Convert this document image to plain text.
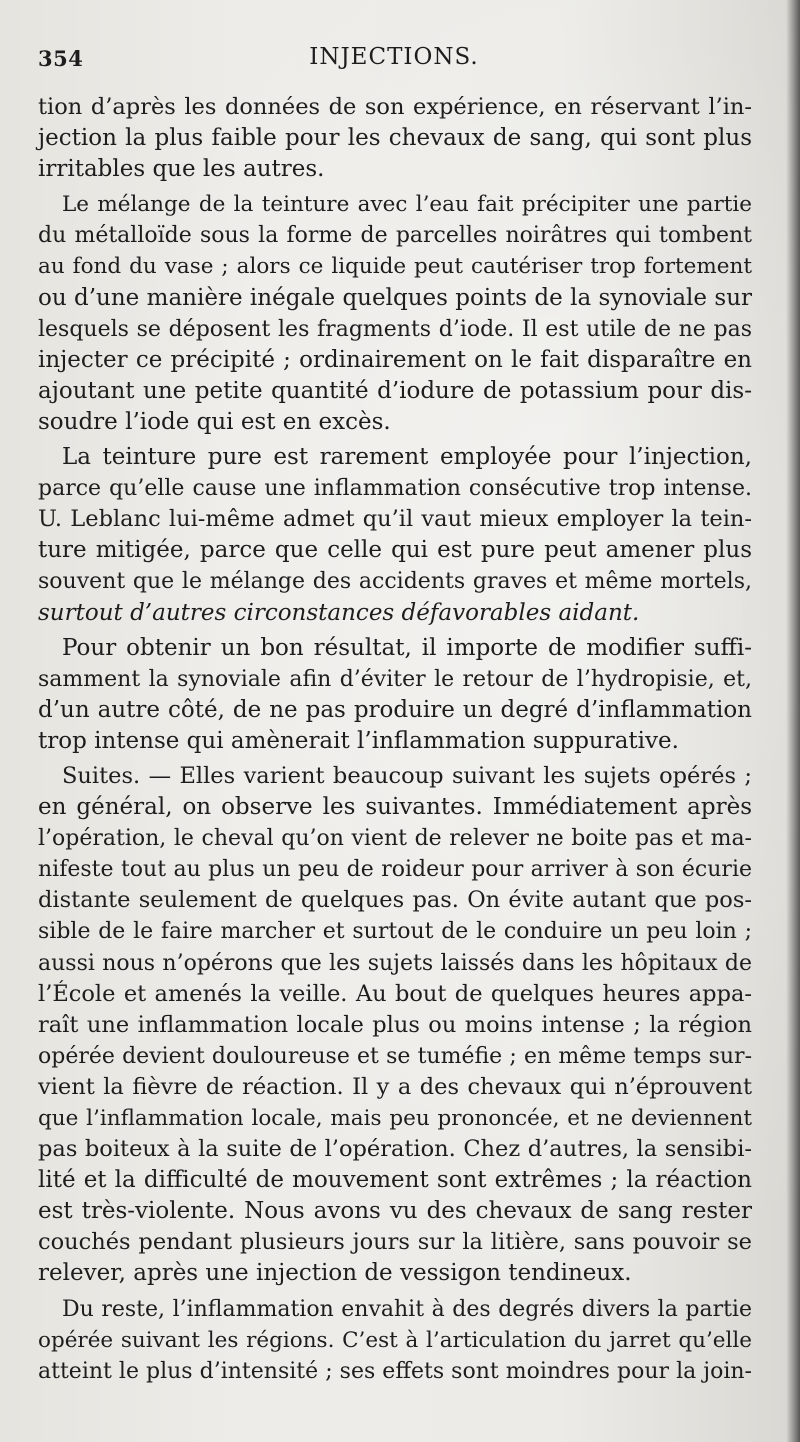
354	INJECTIONS.
tion d’après les données de son expérience, en réservant l’in-
jection la plus faible pour les chevaux de sang, qui sont plus
irritables que les autres.
Le mélange de la teinture avec l’eau fait précipiter une partie
du métalloïde sous la forme de parcelles noirâtres qui tombent
au fond du vase ; alors ce liquide peut cautériser trop fortement
ou d’une manière inégale quelques points de la synoviale sur
lesquels se déposent les fragments d’iode. Il est utile de ne pas
injecter ce précipité ; ordinairement on le fait disparaître en
ajoutant une petite quantité d’iodure de potassium pour dis-
soudre l’iode qui est en excès.
La teinture pure est rarement employée pour l’injection,
parce qu’elle cause une inflammation consécutive trop intense.
U. Leblanc lui-même admet qu’il vaut mieux employer la tein-
ture mitigée, parce que celle qui est pure peut amener plus
souvent que le mélange des accidents graves et même mortels,
surtout d’autres circonstances défavorables aidant.
Pour obtenir un bon résultat, il importe de modifier suffi-
samment la synoviale afin d’éviter le retour de l’hydropisie, et,
d’un autre côté, de ne pas produire un degré d’inflammation
trop intense qui amènerait l’inflammation suppurative.
Suites. — Elles varient beaucoup suivant les sujets opérés ;
en général, on observe les suivantes. Immédiatement après
l’opération, le cheval qu’on vient de relever ne boite pas et ma-
nifeste tout au plus un peu de roideur pour arriver à son écurie
distante seulement de quelques pas. On évite autant que pos-
sible de le faire marcher et surtout de le conduire un peu loin ;
aussi nous n’opérons que les sujets laissés dans les hôpitaux de
l’École et amenés la veille. Au bout de quelques heures appa-
raît une inflammation locale plus ou moins intense ; la région
opérée devient douloureuse et se tuméfie ; en même temps sur-
vient la fièvre de réaction. Il y a des chevaux qui n’éprouvent
que l’inflammation locale, mais peu prononcée, et ne deviennent
pas boiteux à la suite de l’opération. Chez d’autres, la sensibi-
lité et la difficulté de mouvement sont extrêmes ; la réaction
est très-violente. Nous avons vu des chevaux de sang rester
couchés pendant plusieurs jours sur la litière, sans pouvoir se
relever, après une injection de vessigon tendineux.
Du reste, l’inflammation envahit à des degrés divers la partie
opérée suivant les régions. C’est à l’articulation du jarret qu’elle
atteint le plus d’intensité ; ses effets sont moindres pour la join-
